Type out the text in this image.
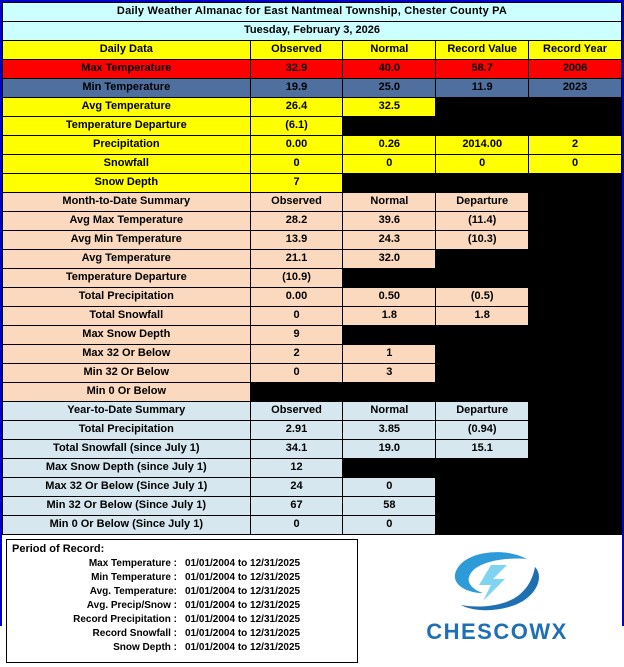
Daily Weather Almanac for East Nantmeal Township, Chester County PA				
Tuesday, February 3, 2026				
Daily Data	Observed	Normal	Record Value	Record Year
Max Temperature	32.9	40.0	58.7	2006
Min Temperature	19.9	25.0	11.9	2023
Avg Temperature	26.4	32.5		
Temperature Departure	(6.1)			
Precipitation	0.00	0.26	2014.00	2
Snowfall	0	0	0	0
Snow Depth	7			
Month-to-Date Summary	Observed	Normal	Departure	
Avg Max Temperature	28.2	39.6	(11.4)	
Avg Min Temperature	13.9	24.3	(10.3)	
Avg Temperature	21.1	32.0		
Temperature Departure	(10.9)			
Total Precipitation	0.00	0.50	(0.5)	
Total Snowfall	0	1.8	1.8	
Max Snow Depth	9			
Max 32 Or Below	2	1		
Min 32 Or Below	0	3		
Min 0 Or Below				
Year-to-Date Summary	Observed	Normal	Departure	
Total Precipitation	2.91	3.85	(0.94)	
Total Snowfall (since July 1)	34.1	19.0	15.1	
Max Snow Depth (since July 1)	12			
Max 32 Or Below (Since July 1)	24	0		
Min 32 Or Below (Since July 1)	67	58		
Min 0 Or Below (Since July 1)	0	0		
Period of Record:
Max Temperature :	01/01/2004 to 12/31/2025
Min Temperature :	01/01/2004 to 12/31/2025
Avg. Temperature:	01/01/2004 to 12/31/2025
Avg. Precip/Snow :	01/01/2004 to 12/31/2025
Record Precipitation :	01/01/2004 to 12/31/2025
Record Snowfall :	01/01/2004 to 12/31/2025
Snow Depth :	01/01/2004 to 12/31/2025
CHESCOWX
